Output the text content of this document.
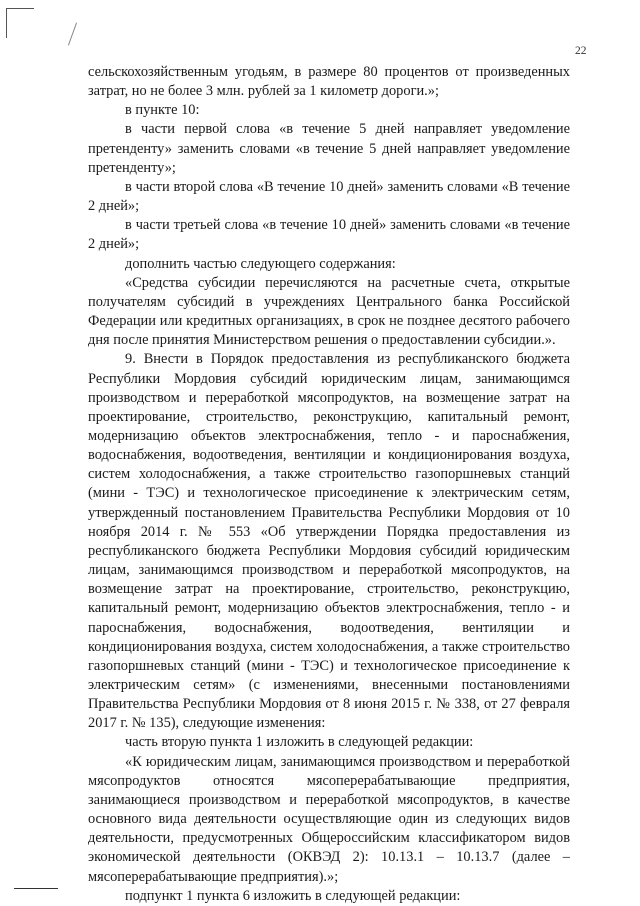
22

сельскохозяйственным угодьям, в размере 80 процентов от произведенных затрат, но не более 3 млн. рублей за 1 километр дороги.»;

в пункте 10:

в части первой слова «в течение 5 дней направляет уведомление претенденту» заменить словами «в течение 5 дней направляет уведомление претенденту»;

в части второй слова «В течение 10 дней» заменить словами «В течение 2 дней»;

в части третьей слова «в течение 10 дней» заменить словами «в течение 2 дней»;

дополнить частью следующего содержания:

«Средства субсидии перечисляются на расчетные счета, открытые получателям субсидий в учреждениях Центрального банка Российской Федерации или кредитных организациях, в срок не позднее десятого рабочего дня после принятия Министерством решения о предоставлении субсидии.».

9. Внести в Порядок предоставления из республиканского бюджета Республики Мордовия субсидий юридическим лицам, занимающимся производством и переработкой мясопродуктов, на возмещение затрат на проектирование, строительство, реконструкцию, капитальный ремонт, модернизацию объектов электроснабжения, тепло - и пароснабжения, водоснабжения, водоотведения, вентиляции и кондиционирования воздуха, систем холодоснабжения, а также строительство газопоршневых станций (мини - ТЭС) и технологическое присоединение к электрическим сетям, утвержденный постановлением Правительства Республики Мордовия от 10 ноября 2014 г. № 553 «Об утверждении Порядка предоставления из республиканского бюджета Республики Мордовия субсидий юридическим лицам, занимающимся производством и переработкой мясопродуктов, на возмещение затрат на проектирование, строительство, реконструкцию, капитальный ремонт, модернизацию объектов электроснабжения, тепло - и пароснабжения, водоснабжения, водоотведения, вентиляции и кондиционирования воздуха, систем холодоснабжения, а также строительство газопоршневых станций (мини - ТЭС) и технологическое присоединение к электрическим сетям» (с изменениями, внесенными постановлениями Правительства Республики Мордовия от 8 июня 2015 г. № 338, от 27 февраля 2017 г. № 135), следующие изменения:

часть вторую пункта 1 изложить в следующей редакции:

«К юридическим лицам, занимающимся производством и переработкой мясопродуктов относятся мясоперерабатывающие предприятия, занимающиеся производством и переработкой мясопродуктов, в качестве основного вида деятельности осуществляющие один из следующих видов деятельности, предусмотренных Общероссийским классификатором видов экономической деятельности (ОКВЭД 2): 10.13.1 – 10.13.7 (далее – мясоперерабатывающие предприятия).»;

подпункт 1 пункта 6 изложить в следующей редакции:
